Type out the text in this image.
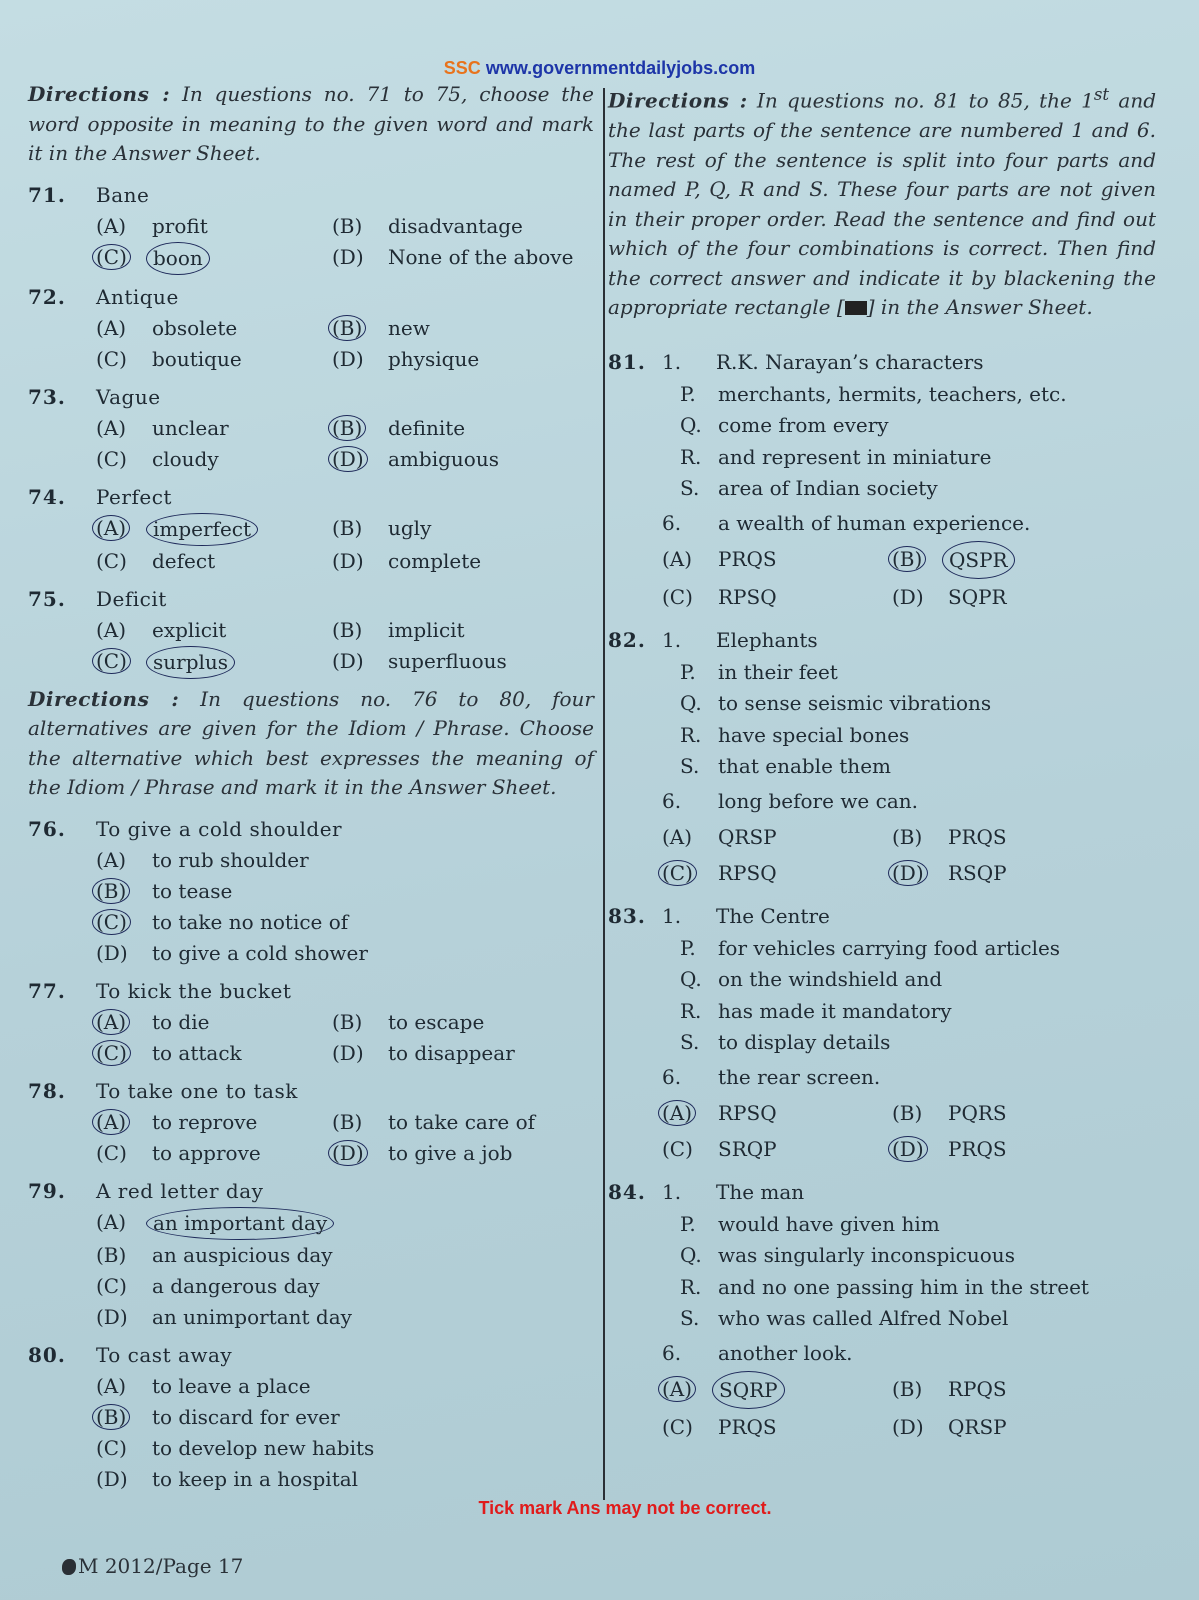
SSC www.governmentdailyjobs.com

Directions : In questions no. 71 to 75, choose the word opposite in meaning to the given word and mark it in the Answer Sheet.

71.	Bane
(A)	profit	(B)	disadvantage
(C)	boon	(D)	None of the above
72.	Antique
(A)	obsolete	(B)	new
(C)	boutique	(D)	physique
73.	Vague
(A)	unclear	(B)	definite
(C)	cloudy	(D)	ambiguous
74.	Perfect
(A)	imperfect	(B)	ugly
(C)	defect	(D)	complete
75.	Deficit
(A)	explicit	(B)	implicit
(C)	surplus	(D)	superfluous

Directions : In questions no. 76 to 80, four alternatives are given for the Idiom / Phrase. Choose the alternative which best expresses the meaning of the Idiom / Phrase and mark it in the Answer Sheet.

76.	To give a cold shoulder
(A)	to rub shoulder
(B)	to tease
(C)	to take no notice of
(D)	to give a cold shower
77.	To kick the bucket
(A)	to die	(B)	to escape
(C)	to attack	(D)	to disappear
78.	To take one to task
(A)	to reprove	(B)	to take care of
(C)	to approve	(D)	to give a job
79.	A red letter day
(A)	an important day
(B)	an auspicious day
(C)	a dangerous day
(D)	an unimportant day
80.	To cast away
(A)	to leave a place
(B)	to discard for ever
(C)	to develop new habits
(D)	to keep in a hospital

Directions : In questions no. 81 to 85, the 1st and the last parts of the sentence are numbered 1 and 6. The rest of the sentence is split into four parts and named P, Q, R and S. These four parts are not given in their proper order. Read the sentence and find out which of the four combinations is correct. Then find the correct answer and indicate it by blackening the appropriate rectangle [ ] in the Answer Sheet.

81. 1.	R.K. Narayan’s characters
P.	merchants, hermits, teachers, etc.
Q. come from every
R. and represent in miniature
S. area of Indian society
6.	a wealth of human experience.
(A)	PRQS	(B)	QSPR
(C)	RPSQ	(D)	SQPR
82. 1.	Elephants
P.	in their feet
Q. to sense seismic vibrations
R. have special bones
S. that enable them
6.	long before we can.
(A)	QRSP	(B)	PRQS
(C)	RPSQ	(D)	RSQP
83. 1.	The Centre
P.	for vehicles carrying food articles
Q. on the windshield and
R. has made it mandatory
S. to display details
6.	the rear screen.
(A)	RPSQ	(B)	PQRS
(C)	SRQP	(D)	PRQS
84. 1.	The man
P.	would have given him
Q. was singularly inconspicuous
R. and no one passing him in the street
S. who was called Alfred Nobel
6.	another look.
(A)	SQRP	(B)	RPQS
(C)	PRQS	(D)	QRSP
Tick mark Ans may not be correct.
M 2012/Page 17
